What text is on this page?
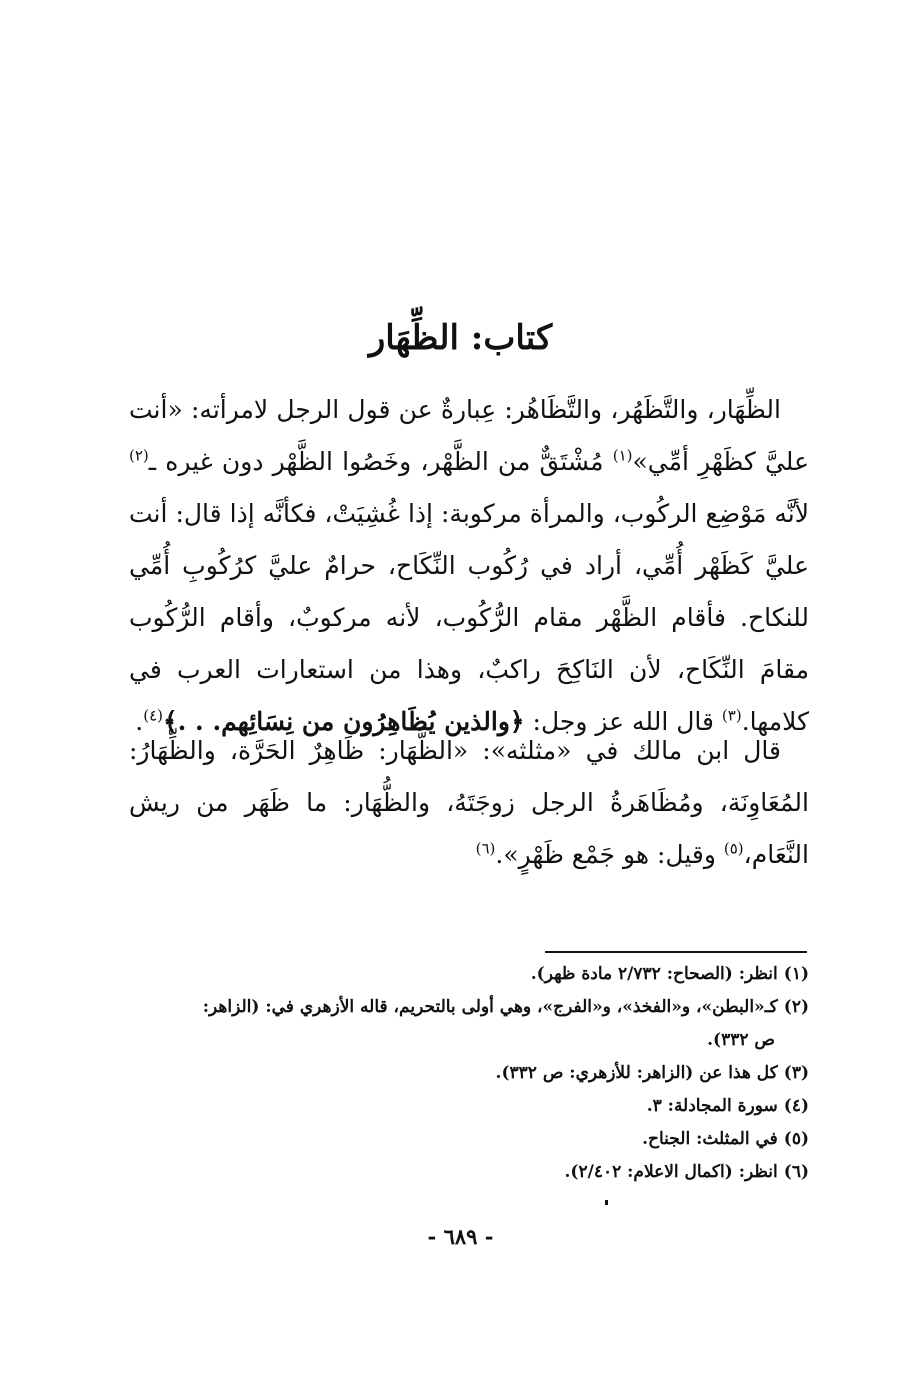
كتاب: الظِّهَار

الظِّهَار، والتَّظَهُر، والتَّظَاهُر: عِبارةٌ عن قول الرجل لامرأته: «أنت عليَّ كظَهْرِ أمِّي»$^{(١)}$ مُشْتَقٌّ من الظَّهْر، وخَصُوا الظَّهْر دون غيره ـ$^{(٢)}$ لأنَّه مَوْضِع الركُوب، والمرأة مركوبة: إذا غُشِيَتْ، فكأنَّه إذا قال: أنت عليَّ كَظَهْر أُمِّي، أراد في رُكُوب النِّكَاح، حرامٌ عليَّ كرُكُوبِ أُمِّي للنكاح. فأقام الظَّهْر مقام الرُّكُوب، لأنه مركوبٌ، وأقام الرُّكُوب مقامَ النِّكَاح، لأن النَاكِحَ راكبٌ، وهذا من استعارات العرب في كلامها.$^{(٣)}$ قال الله عز وجل: ﴿والذين يُظَاهِرُون من نِسَائِهم. . .﴾$^{(٤)}$.

قال ابن مالك في «مثلثه»: «الظَّهَار: ظَاهِرٌ الحَرَّة، والظِّهَارُ: المُعَاوِنَة، ومُظَاهَرةُ الرجل زوجَتَهُ، والظُّهَار: ما ظَهَر من ريش النَّعَام،$^{(٥)}$ وقيل: هو جَمْع ظَهْرٍ».$^{(٦)}$

(١)انظر: (الصحاح: ٢/٧٣٢ مادة ظهر).

(٢)كـ«البطن»، و«الفخذ»، و«الفرج»، وهي أولى بالتحريم، قاله الأزهري في: (الزاهر:

ص ٣٣٢).

(٣)كل هذا عن (الزاهر: للأزهري: ص ٣٣٢).

(٤)سورة المجادلة: ٣.

(٥)في المثلث: الجناح.

(٦)انظر: (اكمال الاعلام: ٢/٤٠٢).

- ٦٨٩ -
